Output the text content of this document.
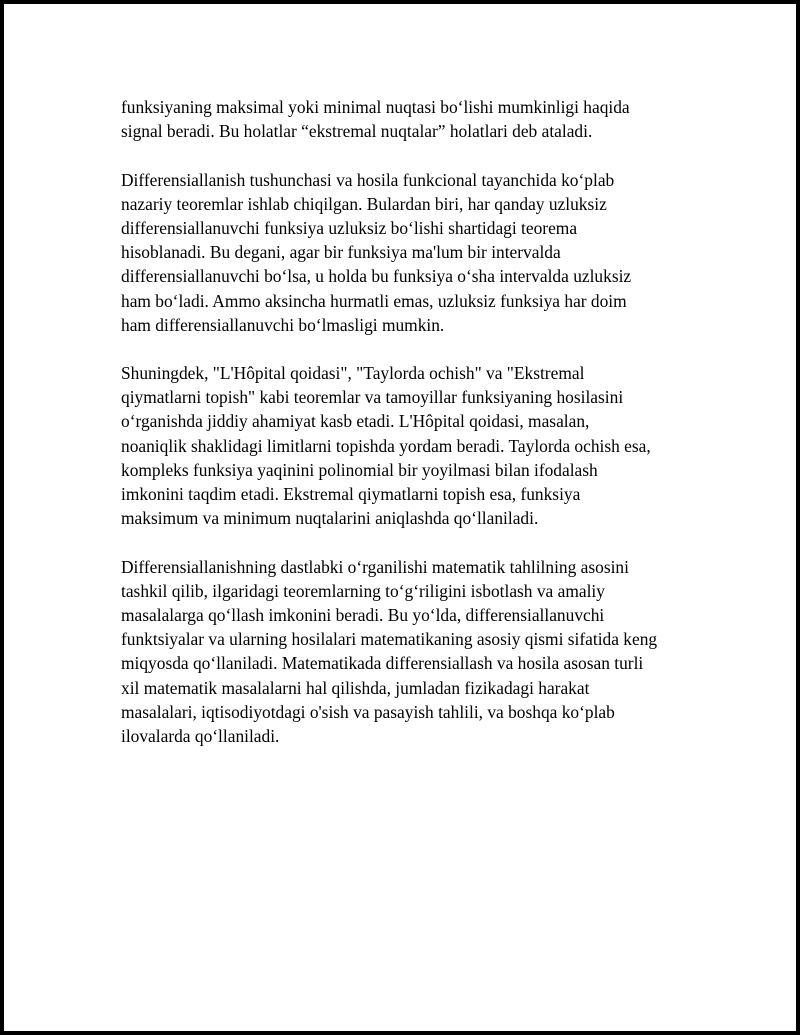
funksiyaning maksimal yoki minimal nuqtasi bo‘lishi mumkinligi haqida
signal beradi. Bu holatlar “ekstremal nuqtalar” holatlari deb ataladi.

Differensiallanish tushunchasi va hosila funkcional tayanchida ko‘plab
nazariy teoremlar ishlab chiqilgan. Bulardan biri, har qanday uzluksiz
differensiallanuvchi funksiya uzluksiz bo‘lishi shartidagi teorema
hisoblanadi. Bu degani, agar bir funksiya ma'lum bir intervalda
differensiallanuvchi bo‘lsa, u holda bu funksiya o‘sha intervalda uzluksiz
ham bo‘ladi. Ammo aksincha hurmatli emas, uzluksiz funksiya har doim
ham differensiallanuvchi bo‘lmasligi mumkin.

Shuningdek, "L'Hôpital qoidasi", "Taylorda ochish" va "Ekstremal
qiymatlarni topish" kabi teoremlar va tamoyillar funksiyaning hosilasini
o‘rganishda jiddiy ahamiyat kasb etadi. L'Hôpital qoidasi, masalan,
noaniqlik shaklidagi limitlarni topishda yordam beradi. Taylorda ochish esa,
kompleks funksiya yaqinini polinomial bir yoyilmasi bilan ifodalash
imkonini taqdim etadi. Ekstremal qiymatlarni topish esa, funksiya
maksimum va minimum nuqtalarini aniqlashda qo‘llaniladi.

Differensiallanishning dastlabki o‘rganilishi matematik tahlilning asosini
tashkil qilib, ilgaridagi teoremlarning to‘g‘riligini isbotlash va amaliy
masalalarga qo‘llash imkonini beradi. Bu yo‘lda, differensiallanuvchi
funktsiyalar va ularning hosilalari matematikaning asosiy qismi sifatida keng
miqyosda qo‘llaniladi. Matematikada differensiallash va hosila asosan turli
xil matematik masalalarni hal qilishda, jumladan fizikadagi harakat
masalalari, iqtisodiyotdagi o'sish va pasayish tahlili, va boshqa ko‘plab
ilovalarda qo‘llaniladi.
